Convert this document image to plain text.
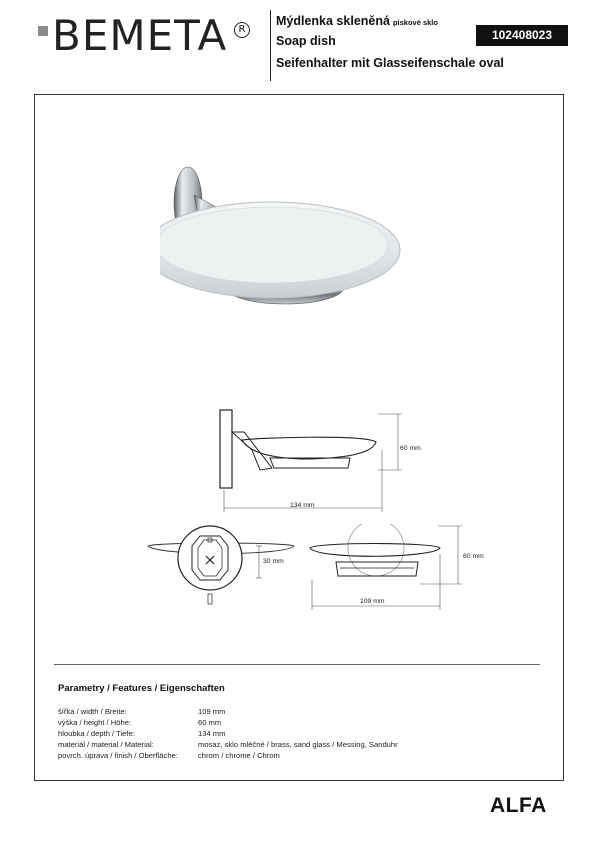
BEMETA	R
Mýdlenka skleněná pískové sklo
Soap dish
Seifenhalter mit Glasseifenschale oval
102408023
60 mm
134 mm
30 mm
60 mm
109 mm
Parametry / Features / Eigenschaften
šířka / width / Breite:	109 mm
výška / height / Höhe:	60 mm
hloubka / depth / Tiefe:	134 mm
materiál / material / Material:	mosaz, sklo mléčné / brass, sand glass / Messing, Sanduhr
povrch. úprava / finish / Oberfläche:	chrom / chrome / Chrom
ALFA
